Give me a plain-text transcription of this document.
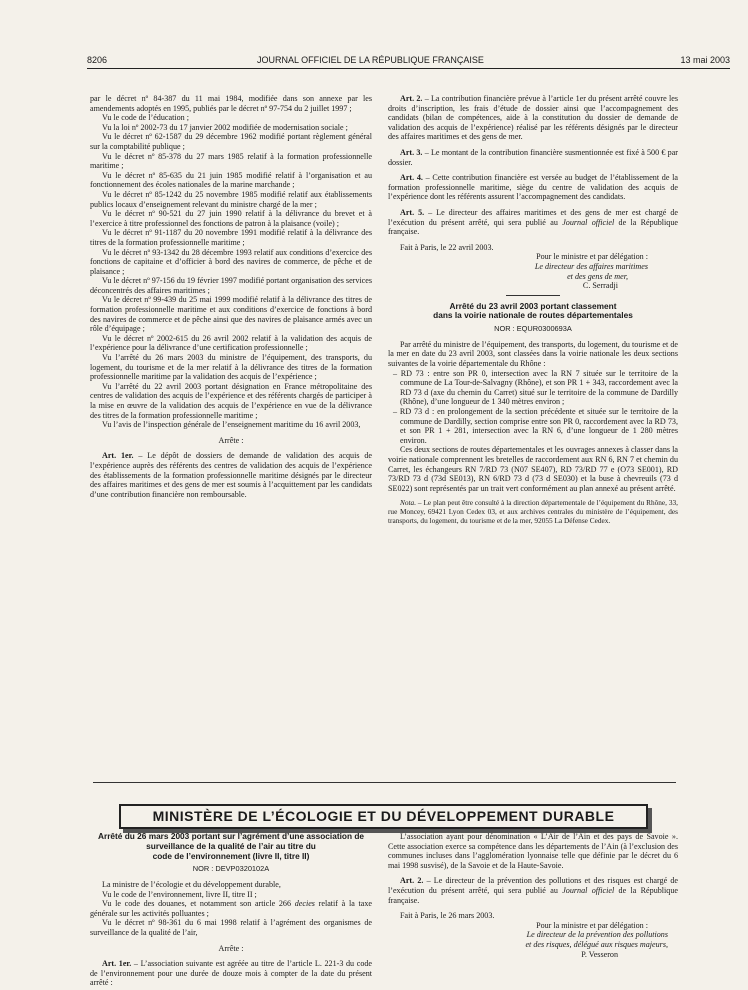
8206	JOURNAL OFFICIEL DE LA RÉPUBLIQUE FRANÇAISE	13 mai 2003

par le décret nº 84-387 du 11 mai 1984, modifiée dans son annexe par les amendements adoptés en 1995, publiés par le décret nº 97-754 du 2 juillet 1997 ;

Vu le code de l’éducation ;

Vu la loi nº 2002-73 du 17 janvier 2002 modifiée de modernisation sociale ;

Vu le décret nº 62-1587 du 29 décembre 1962 modifié portant règlement général sur la comptabilité publique ;

Vu le décret nº 85-378 du 27 mars 1985 relatif à la formation professionnelle maritime ;

Vu le décret nº 85-635 du 21 juin 1985 modifié relatif à l’organisation et au fonctionnement des écoles nationales de la marine marchande ;

Vu le décret nº 85-1242 du 25 novembre 1985 modifié relatif aux établissements publics locaux d’enseignement relevant du ministre chargé de la mer ;

Vu le décret nº 90-521 du 27 juin 1990 relatif à la délivrance du brevet et à l’exercice à titre professionnel des fonctions de patron à la plaisance (voile) ;

Vu le décret nº 91-1187 du 20 novembre 1991 modifié relatif à la délivrance des titres de la formation professionnelle maritime ;

Vu le décret nº 93-1342 du 28 décembre 1993 relatif aux conditions d’exercice des fonctions de capitaine et d’officier à bord des navires de commerce, de pêche et de plaisance ;

Vu le décret nº 97-156 du 19 février 1997 modifié portant organisation des services déconcentrés des affaires maritimes ;

Vu le décret nº 99-439 du 25 mai 1999 modifié relatif à la délivrance des titres de formation professionnelle maritime et aux conditions d’exercice de fonctions à bord des navires de commerce et de pêche ainsi que des navires de plaisance armés avec un rôle d’équipage ;

Vu le décret nº 2002-615 du 26 avril 2002 relatif à la validation des acquis de l’expérience pour la délivrance d’une certification professionnelle ;

Vu l’arrêté du 26 mars 2003 du ministre de l’équipement, des transports, du logement, du tourisme et de la mer relatif à la délivrance des titres de la formation professionnelle maritime par la validation des acquis de l’expérience ;

Vu l’arrêté du 22 avril 2003 portant désignation en France métropolitaine des centres de validation des acquis de l’expérience et des référents chargés de participer à la mise en œuvre de la validation des acquis de l’expérience en vue de la délivrance des titres de la formation professionnelle maritime ;

Vu l’avis de l’inspection générale de l’enseignement maritime du 16 avril 2003,

Arrête :

Art. 1er. – Le dépôt de dossiers de demande de validation des acquis de l’expérience auprès des référents des centres de validation des acquis de l’expérience des établissements de la formation professionnelle maritime désignés par le directeur des affaires maritimes et des gens de mer est soumis à l’acquittement par les candidats d’une contribution financière non remboursable.

Art. 2. – La contribution financière prévue à l’article 1er du présent arrêté couvre les droits d’inscription, les frais d’étude de dossier ainsi que l’accompagnement des candidats (bilan de compétences, aide à la constitution du dossier de demande de validation des acquis de l’expérience) réalisé par les référents désignés par le directeur des affaires maritimes et des gens de mer.

Art. 3. – Le montant de la contribution financière susmentionnée est fixé à 500 € par dossier.

Art. 4. – Cette contribution financière est versée au budget de l’établissement de la formation professionnelle maritime, siège du centre de validation des acquis de l’expérience dont les référents assurent l’accompagnement des candidats.

Art. 5. – Le directeur des affaires maritimes et des gens de mer est chargé de l’exécution du présent arrêté, qui sera publié au Journal officiel de la République française.

Fait à Paris, le 22 avril 2003.

Pour le ministre et par délégation :

Le directeur des affaires maritimes

et des gens de mer,

C. Serradji

Arrêté du 23 avril 2003 portant classement

dans la voirie nationale de routes départementales

NOR : EQUR0300693A

Par arrêté du ministre de l’équipement, des transports, du logement, du tourisme et de la mer en date du 23 avril 2003, sont classées dans la voirie nationale les deux sections suivantes de la voirie départementale du Rhône :

– RD 73 : entre son PR 0, intersection avec la RN 7 située sur le territoire de la commune de La Tour-de-Salvagny (Rhône), et son PR 1 + 343, raccordement avec la RD 73 d (axe du chemin du Carret) situé sur le territoire de la commune de Dardilly (Rhône), d’une longueur de 1 340 mètres environ ;
– RD 73 d : en prolongement de la section précédente et située sur le territoire de la commune de Dardilly, section comprise entre son PR 0, raccordement avec la RD 73, et son PR 1 + 281, intersection avec la RN 6, d’une longueur de 1 280 mètres environ.

Ces deux sections de routes départementales et les ouvrages annexes à classer dans la voirie nationale comprennent les bretelles de raccordement aux RN 6, RN 7 et chemin du Carret, les échangeurs RN 7/RD 73 (N07 SE407), RD 73/RD 77 e (O73 SE001), RD 73/RD 73 d (73d SE013), RN 6/RD 73 d (73 d SE030) et la buse à chevreuils (73 d SE022) sont représentés par un trait vert conformément au plan annexé au présent arrêté.

Nota. – Le plan peut être consulté à la direction départementale de l’équipement du Rhône, 33, rue Moncey, 69421 Lyon Cedex 03, et aux archives centrales du ministère de l’équipement, des transports, du logement, du tourisme et de la mer, 92055 La Défense Cedex.

MINISTÈRE DE L’ÉCOLOGIE ET DU DÉVELOPPEMENT DURABLE

Arrêté du 26 mars 2003 portant sur l’agrément d’une association de surveillance de la qualité de l’air au titre du

code de l’environnement (livre II, titre II)

NOR : DEVP0320102A

La ministre de l’écologie et du développement durable,

Vu le code de l’environnement, livre II, titre II ;

Vu le code des douanes, et notamment son article 266 decies relatif à la taxe générale sur les activités polluantes ;

Vu le décret nº 98-361 du 6 mai 1998 relatif à l’agrément des organismes de surveillance de la qualité de l’air,

Arrête :

Art. 1er. – L’association suivante est agréée au titre de l’article L. 221-3 du code de l’environnement pour une durée de douze mois à compter de la date du présent arrêté :

L’association ayant pour dénomination « L’Air de l’Ain et des pays de Savoie ». Cette association exerce sa compétence dans les départements de l’Ain (à l’exclusion des communes incluses dans l’agglomération lyonnaise telle que définie par le décret du 6 mai 1998 susvisé), de la Savoie et de la Haute-Savoie.

Art. 2. – Le directeur de la prévention des pollutions et des risques est chargé de l’exécution du présent arrêté, qui sera publié au Journal officiel de la République française.

Fait à Paris, le 26 mars 2003.

Pour la ministre et par délégation :

Le directeur de la prévention des pollutions

et des risques, délégué aux risques majeurs,

P. Vesseron
